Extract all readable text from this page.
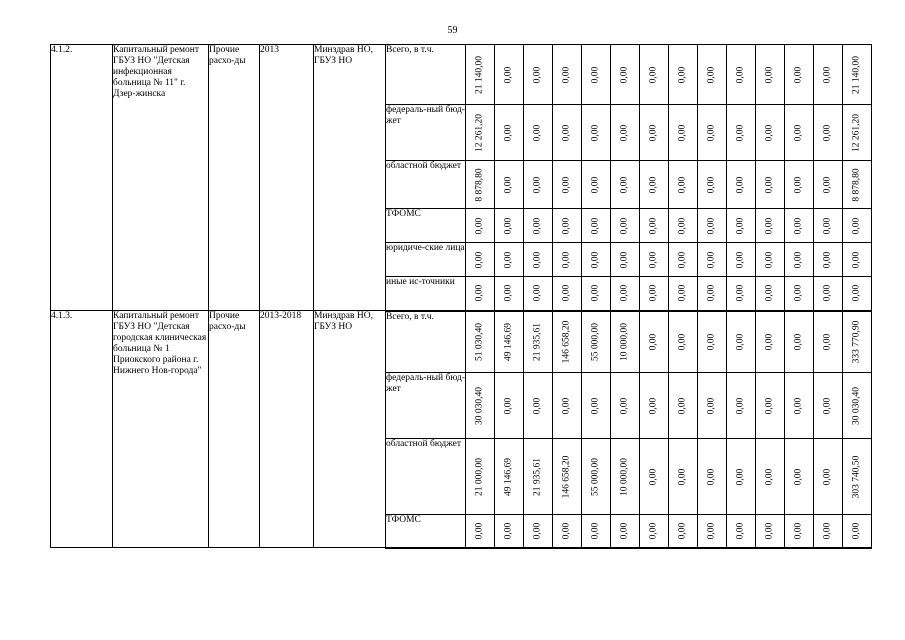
59
4.1.2.	Капитальный ремонт ГБУЗ НО "Детская инфекционная больница № 11" г. Дзер-жинска	Прочие расхо-ды	2013	Минздрав НО, ГБУЗ НО	Всего, в т.ч.	21 140,00	0,00	0,00	0,00	0,00	0,00	0,00	0,00	0,00	0,00	0,00	0,00	0,00	21 140,00

					федераль-ный бюд-жет	12 261,20	0,00	0,00	0,00	0,00	0,00	0,00	0,00	0,00	0,00	0,00	0,00	0,00	12 261,20

					областной бюджет	8 878,80	0,00	0,00	0,00	0,00	0,00	0,00	0,00	0,00	0,00	0,00	0,00	0,00	8 878,80

					ТФОМС	0,00	0,00	0,00	0,00	0,00	0,00	0,00	0,00	0,00	0,00	0,00	0,00	0,00	0,00

					юридиче-ские лица	0,00	0,00	0,00	0,00	0,00	0,00	0,00	0,00	0,00	0,00	0,00	0,00	0,00	0,00

					иные ис-точники	0,00	0,00	0,00	0,00	0,00	0,00	0,00	0,00	0,00	0,00	0,00	0,00	0,00	0,00

4.1.3.	Капитальный ремонт ГБУЗ НО "Детская городская клиническая больница № 1 Приокского района г. Нижнего Нов-города"	Прочие расхо-ды	2013-2018	Минздрав НО, ГБУЗ НО	Всего, в т.ч.	51 030,40	49 146,69	21 935,61	146 658,20	55 000,00	10 000,00	0,00	0,00	0,00	0,00	0,00	0,00	0,00	333 770,90

					федераль-ный бюд-жет	30 030,40	0,00	0,00	0,00	0,00	0,00	0,00	0,00	0,00	0,00	0,00	0,00	0,00	30 030,40

					областной бюджет	21 000,00	49 146,69	21 935,61	146 658,20	55 000,00	10 000,00	0,00	0,00	0,00	0,00	0,00	0,00	0,00	303 740,50

					ТФОМС	0,00	0,00	0,00	0,00	0,00	0,00	0,00	0,00	0,00	0,00	0,00	0,00	0,00	0,00
